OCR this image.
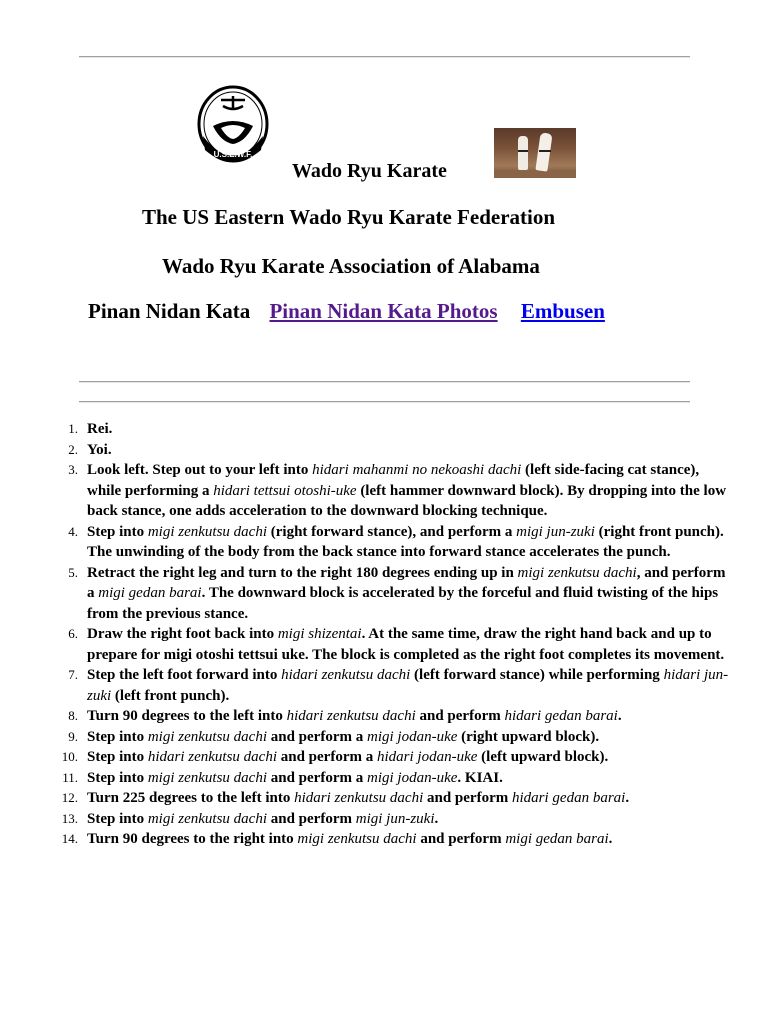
U.S.E.W.F.
Wado Ryu Karate
The US Eastern Wado Ryu Karate Federation
Wado Ryu Karate Association of Alabama
Pinan Nidan Kata Pinan Nidan Kata Photos Embusen
1. Rei.
2. Yoi.
3. Look left. Step out to your left into hidari mahanmi no nekoashi dachi (left side-facing cat stance), while performing a hidari tettsui otoshi-uke (left hammer downward block). By dropping into the low back stance, one adds acceleration to the downward blocking technique.
4. Step into migi zenkutsu dachi (right forward stance), and perform a migi jun-zuki (right front punch). The unwinding of the body from the back stance into forward stance accelerates the punch.
5. Retract the right leg and turn to the right 180 degrees ending up in migi zenkutsu dachi, and perform a migi gedan barai. The downward block is accelerated by the forceful and fluid twisting of the hips from the previous stance.
6. Draw the right foot back into migi shizentai. At the same time, draw the right hand back and up to prepare for migi otoshi tettsui uke. The block is completed as the right foot completes its movement.
7. Step the left foot forward into hidari zenkutsu dachi (left forward stance) while performing hidari jun-zuki (left front punch).
8. Turn 90 degrees to the left into hidari zenkutsu dachi and perform hidari gedan barai.
9. Step into migi zenkutsu dachi and perform a migi jodan-uke (right upward block).
10. Step into hidari zenkutsu dachi and perform a hidari jodan-uke (left upward block).
11. Step into migi zenkutsu dachi and perform a migi jodan-uke. KIAI.
12. Turn 225 degrees to the left into hidari zenkutsu dachi and perform hidari gedan barai.
13. Step into migi zenkutsu dachi and perform migi jun-zuki.
14. Turn 90 degrees to the right into migi zenkutsu dachi and perform migi gedan barai.
